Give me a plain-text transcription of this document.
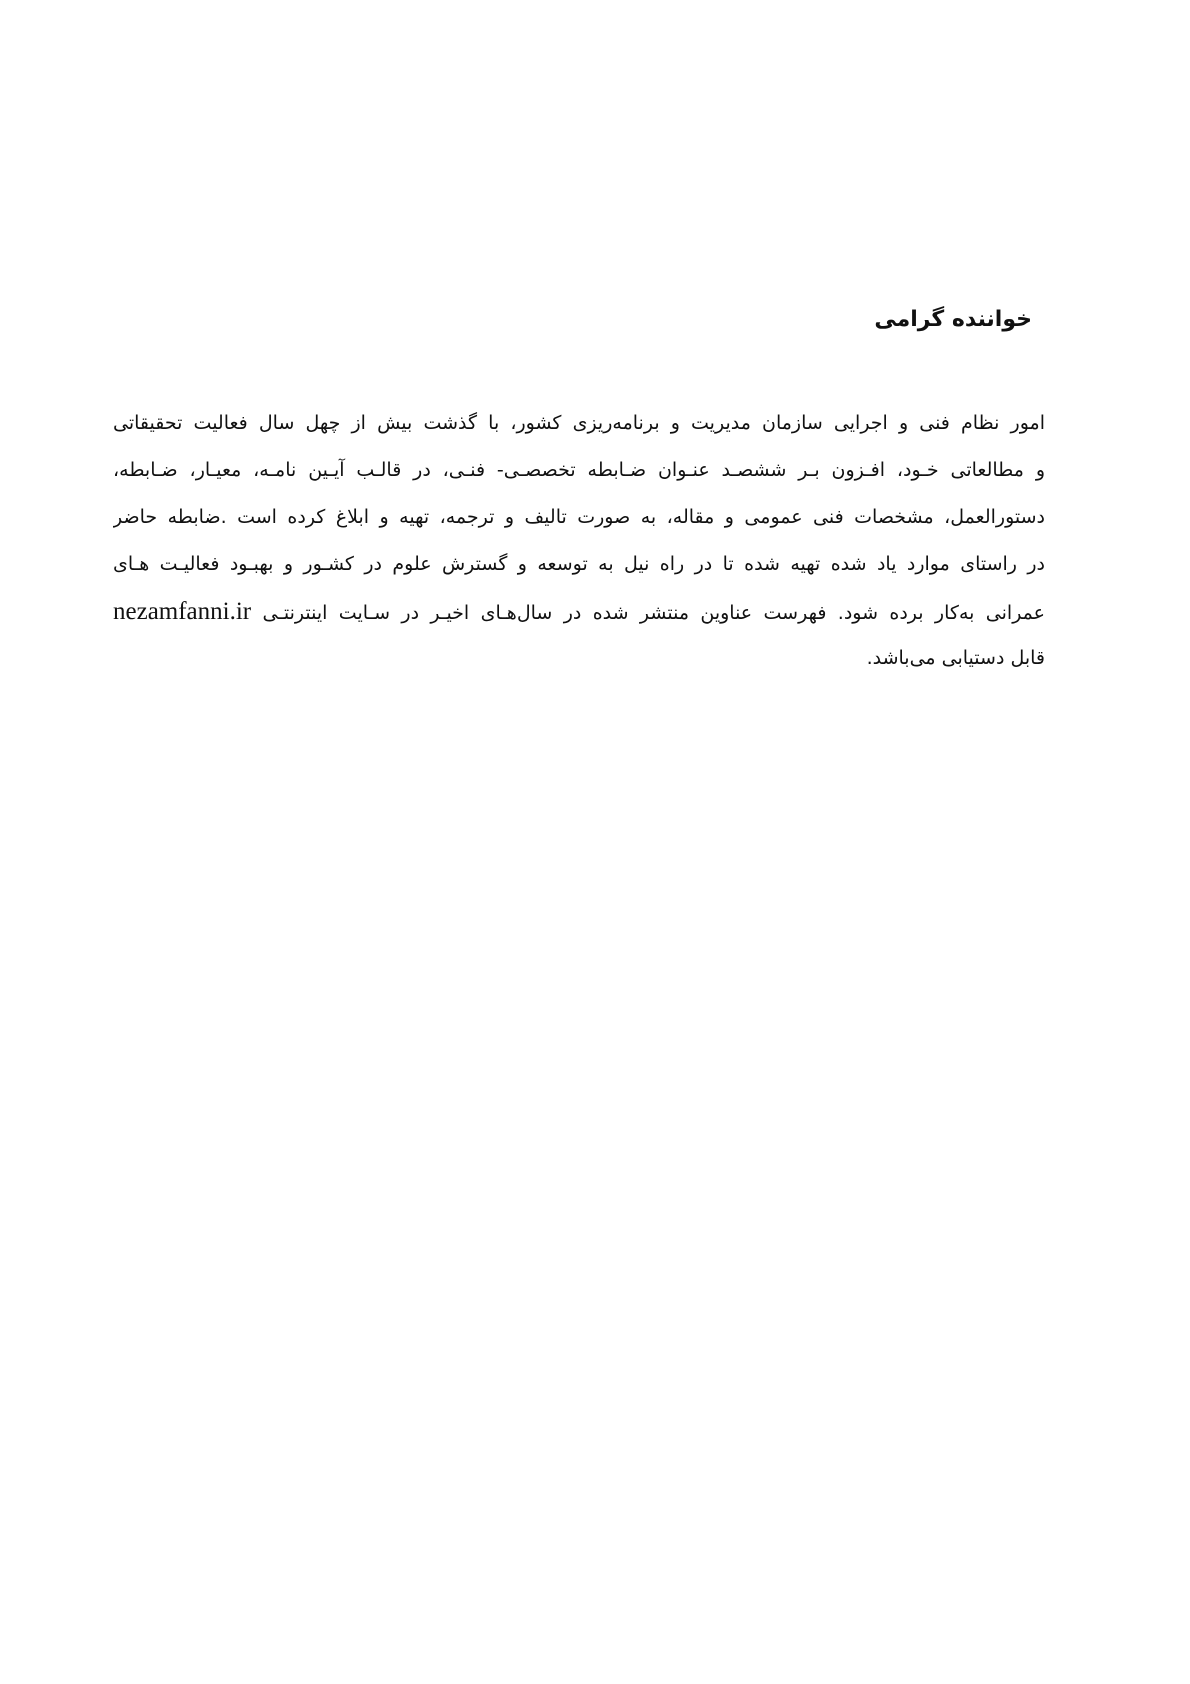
خواننده گرامی
امور نظام فنی و اجرایی سازمان مدیریت و برنامه‌ریزی کشور، با گذشت بیش از چهل سال فعالیت تحقیقاتی
و مطالعاتی خـود، افـزون بـر ششصـد عنـوان ضـابطه تخصصـی- فنـی، در قالـب آیـین نامـه، معیـار، ضـابطه،
دستورالعمل، مشخصات فنی عمومی و مقاله، به صورت تالیف و ترجمه، تهیه و ابلاغ کرده است .ضابطه حاضر
در راستای موارد یاد شده تهیه شده تا در راه نیل به توسعه و گسترش علوم در کشـور و بهبـود فعالیـت هـای
عمرانی به‌کار برده شود. فهرست عناوین منتشر شده در سال‌هـای اخیـر در سـایت اینترنتـی nezamfanni.ir
قابل دستیابی می‌باشد.
